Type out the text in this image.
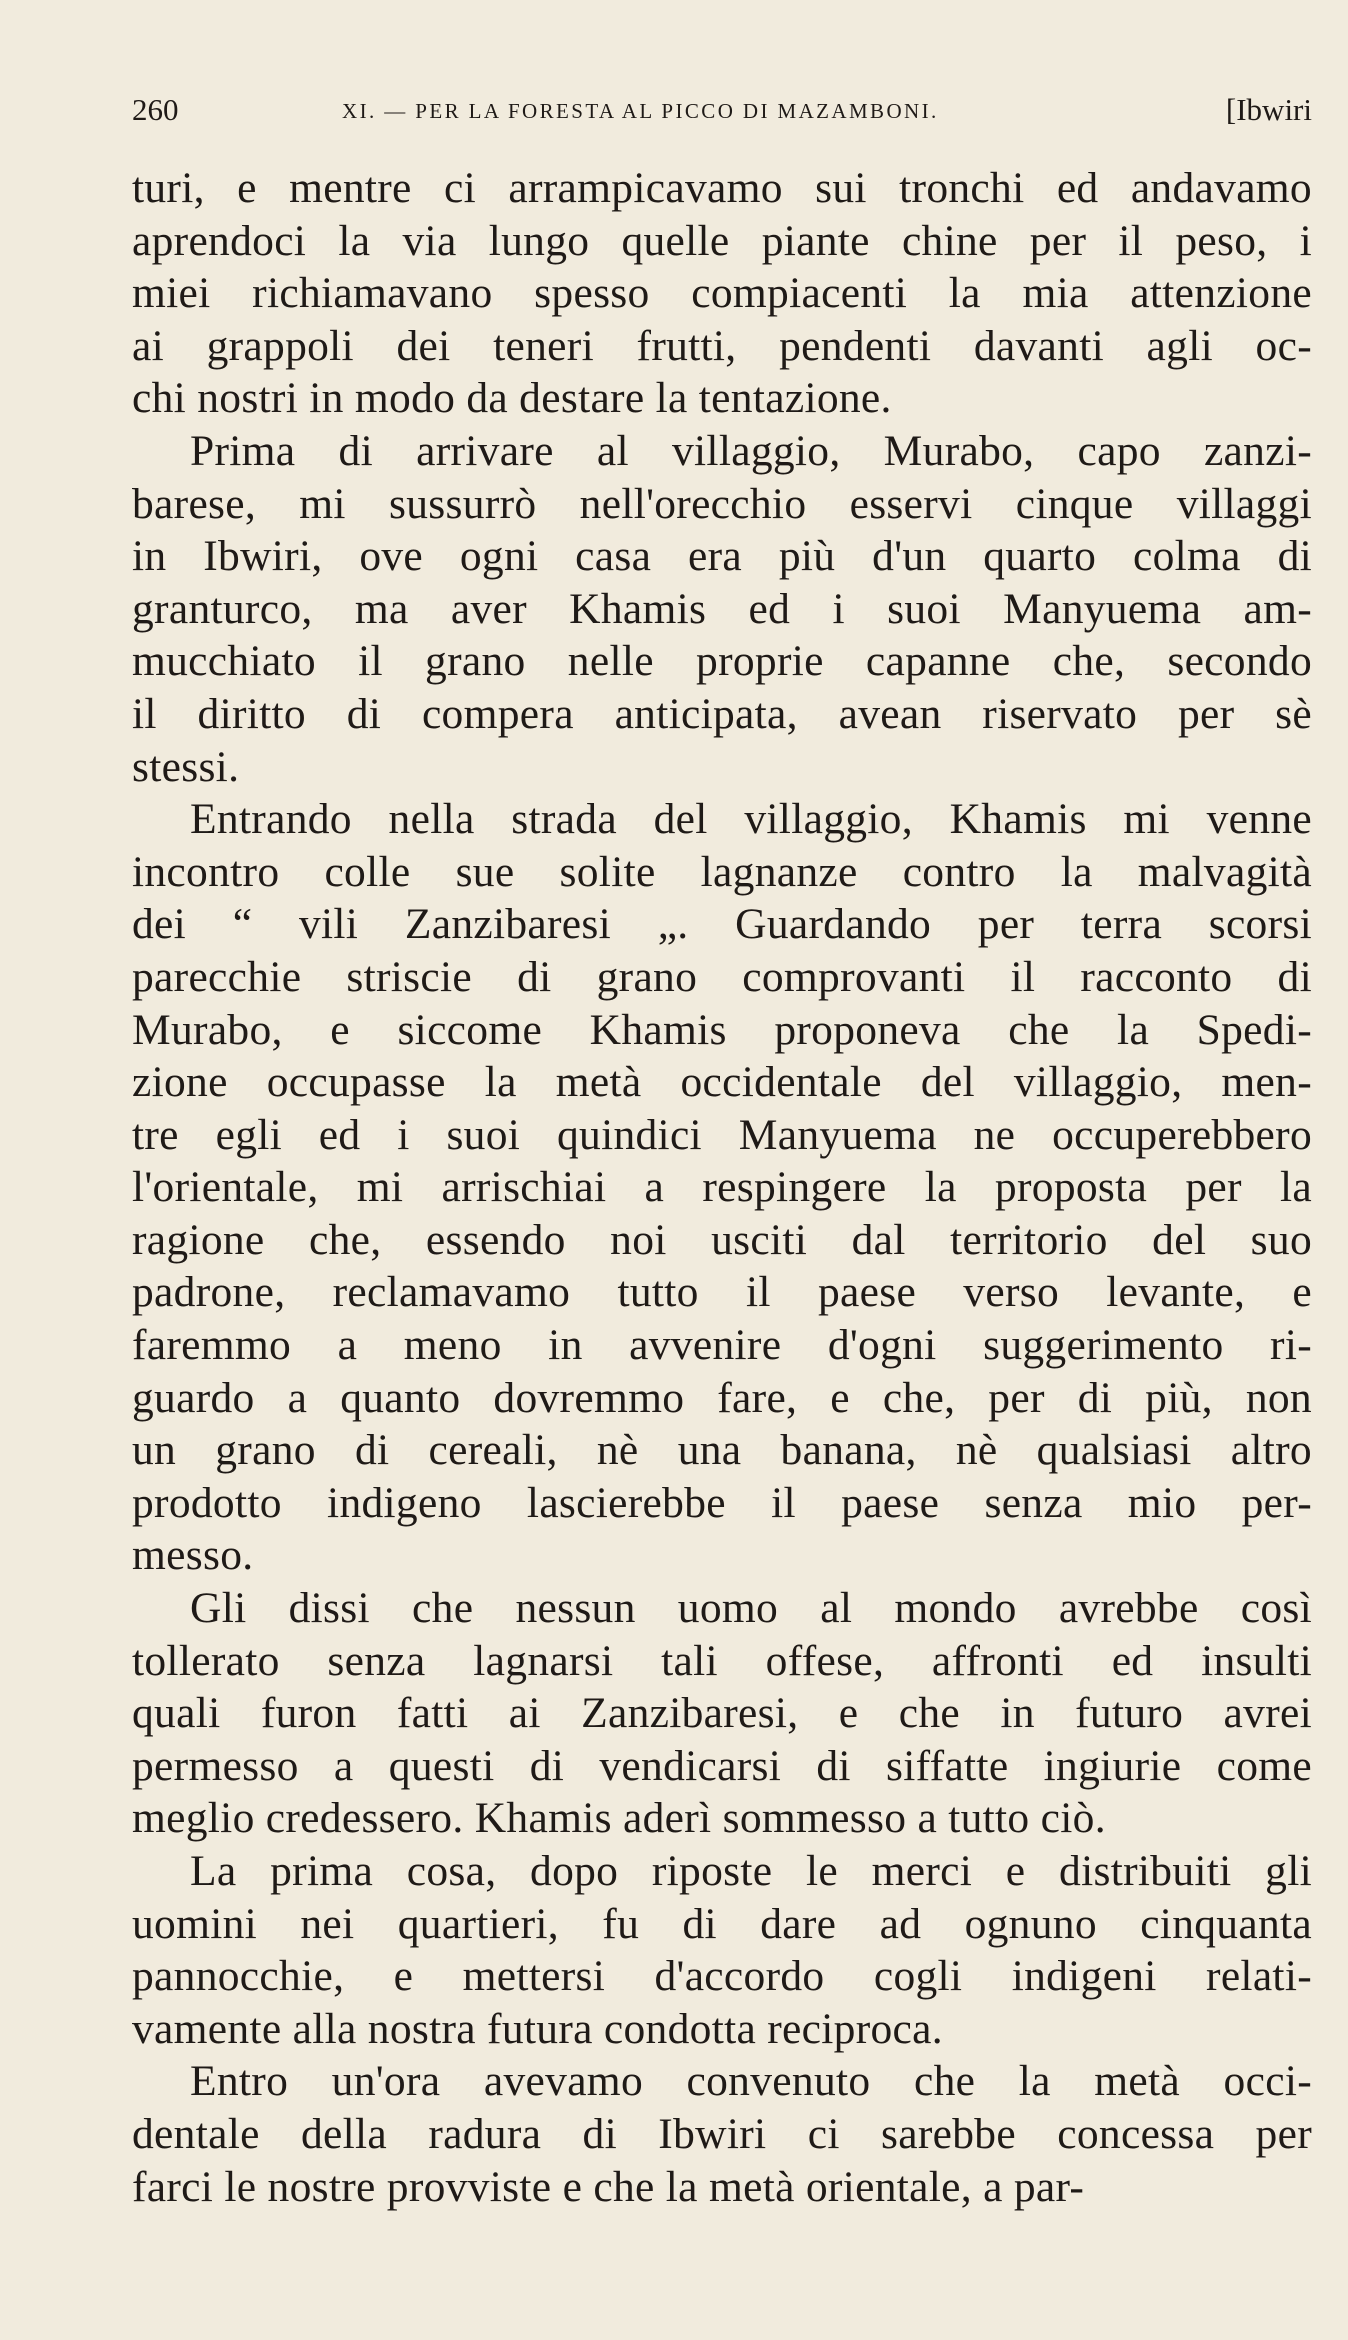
260	XI. — PER LA FORESTA AL PICCO DI MAZAMBONI.	[Ibwiri
turi, e mentre ci arrampicavamo sui tronchi ed andavamo
aprendoci la via lungo quelle piante chine per il peso, i
miei richiamavano spesso compiacenti la mia attenzione
ai grappoli dei teneri frutti, pendenti davanti agli oc-
chi nostri in modo da destare la tentazione.
Prima di arrivare al villaggio, Murabo, capo zanzi-
barese, mi sussurrò nell'orecchio esservi cinque villaggi
in Ibwiri, ove ogni casa era più d'un quarto colma di
granturco, ma aver Khamis ed i suoi Manyuema am-
mucchiato il grano nelle proprie capanne che, secondo
il diritto di compera anticipata, avean riservato per sè
stessi.
Entrando nella strada del villaggio, Khamis mi venne
incontro colle sue solite lagnanze contro la malvagità
dei “ vili Zanzibaresi „. Guardando per terra scorsi
parecchie striscie di grano comprovanti il racconto di
Murabo, e siccome Khamis proponeva che la Spedi-
zione occupasse la metà occidentale del villaggio, men-
tre egli ed i suoi quindici Manyuema ne occuperebbero
l'orientale, mi arrischiai a respingere la proposta per la
ragione che, essendo noi usciti dal territorio del suo
padrone, reclamavamo tutto il paese verso levante, e
faremmo a meno in avvenire d'ogni suggerimento ri-
guardo a quanto dovremmo fare, e che, per di più, non
un grano di cereali, nè una banana, nè qualsiasi altro
prodotto indigeno lascierebbe il paese senza mio per-
messo.
Gli dissi che nessun uomo al mondo avrebbe così
tollerato senza lagnarsi tali offese, affronti ed insulti
quali furon fatti ai Zanzibaresi, e che in futuro avrei
permesso a questi di vendicarsi di siffatte ingiurie come
meglio credessero. Khamis aderì sommesso a tutto ciò.
La prima cosa, dopo riposte le merci e distribuiti gli
uomini nei quartieri, fu di dare ad ognuno cinquanta
pannocchie, e mettersi d'accordo cogli indigeni relati-
vamente alla nostra futura condotta reciproca.
Entro un'ora avevamo convenuto che la metà occi-
dentale della radura di Ibwiri ci sarebbe concessa per
farci le nostre provviste e che la metà orientale, a par-
